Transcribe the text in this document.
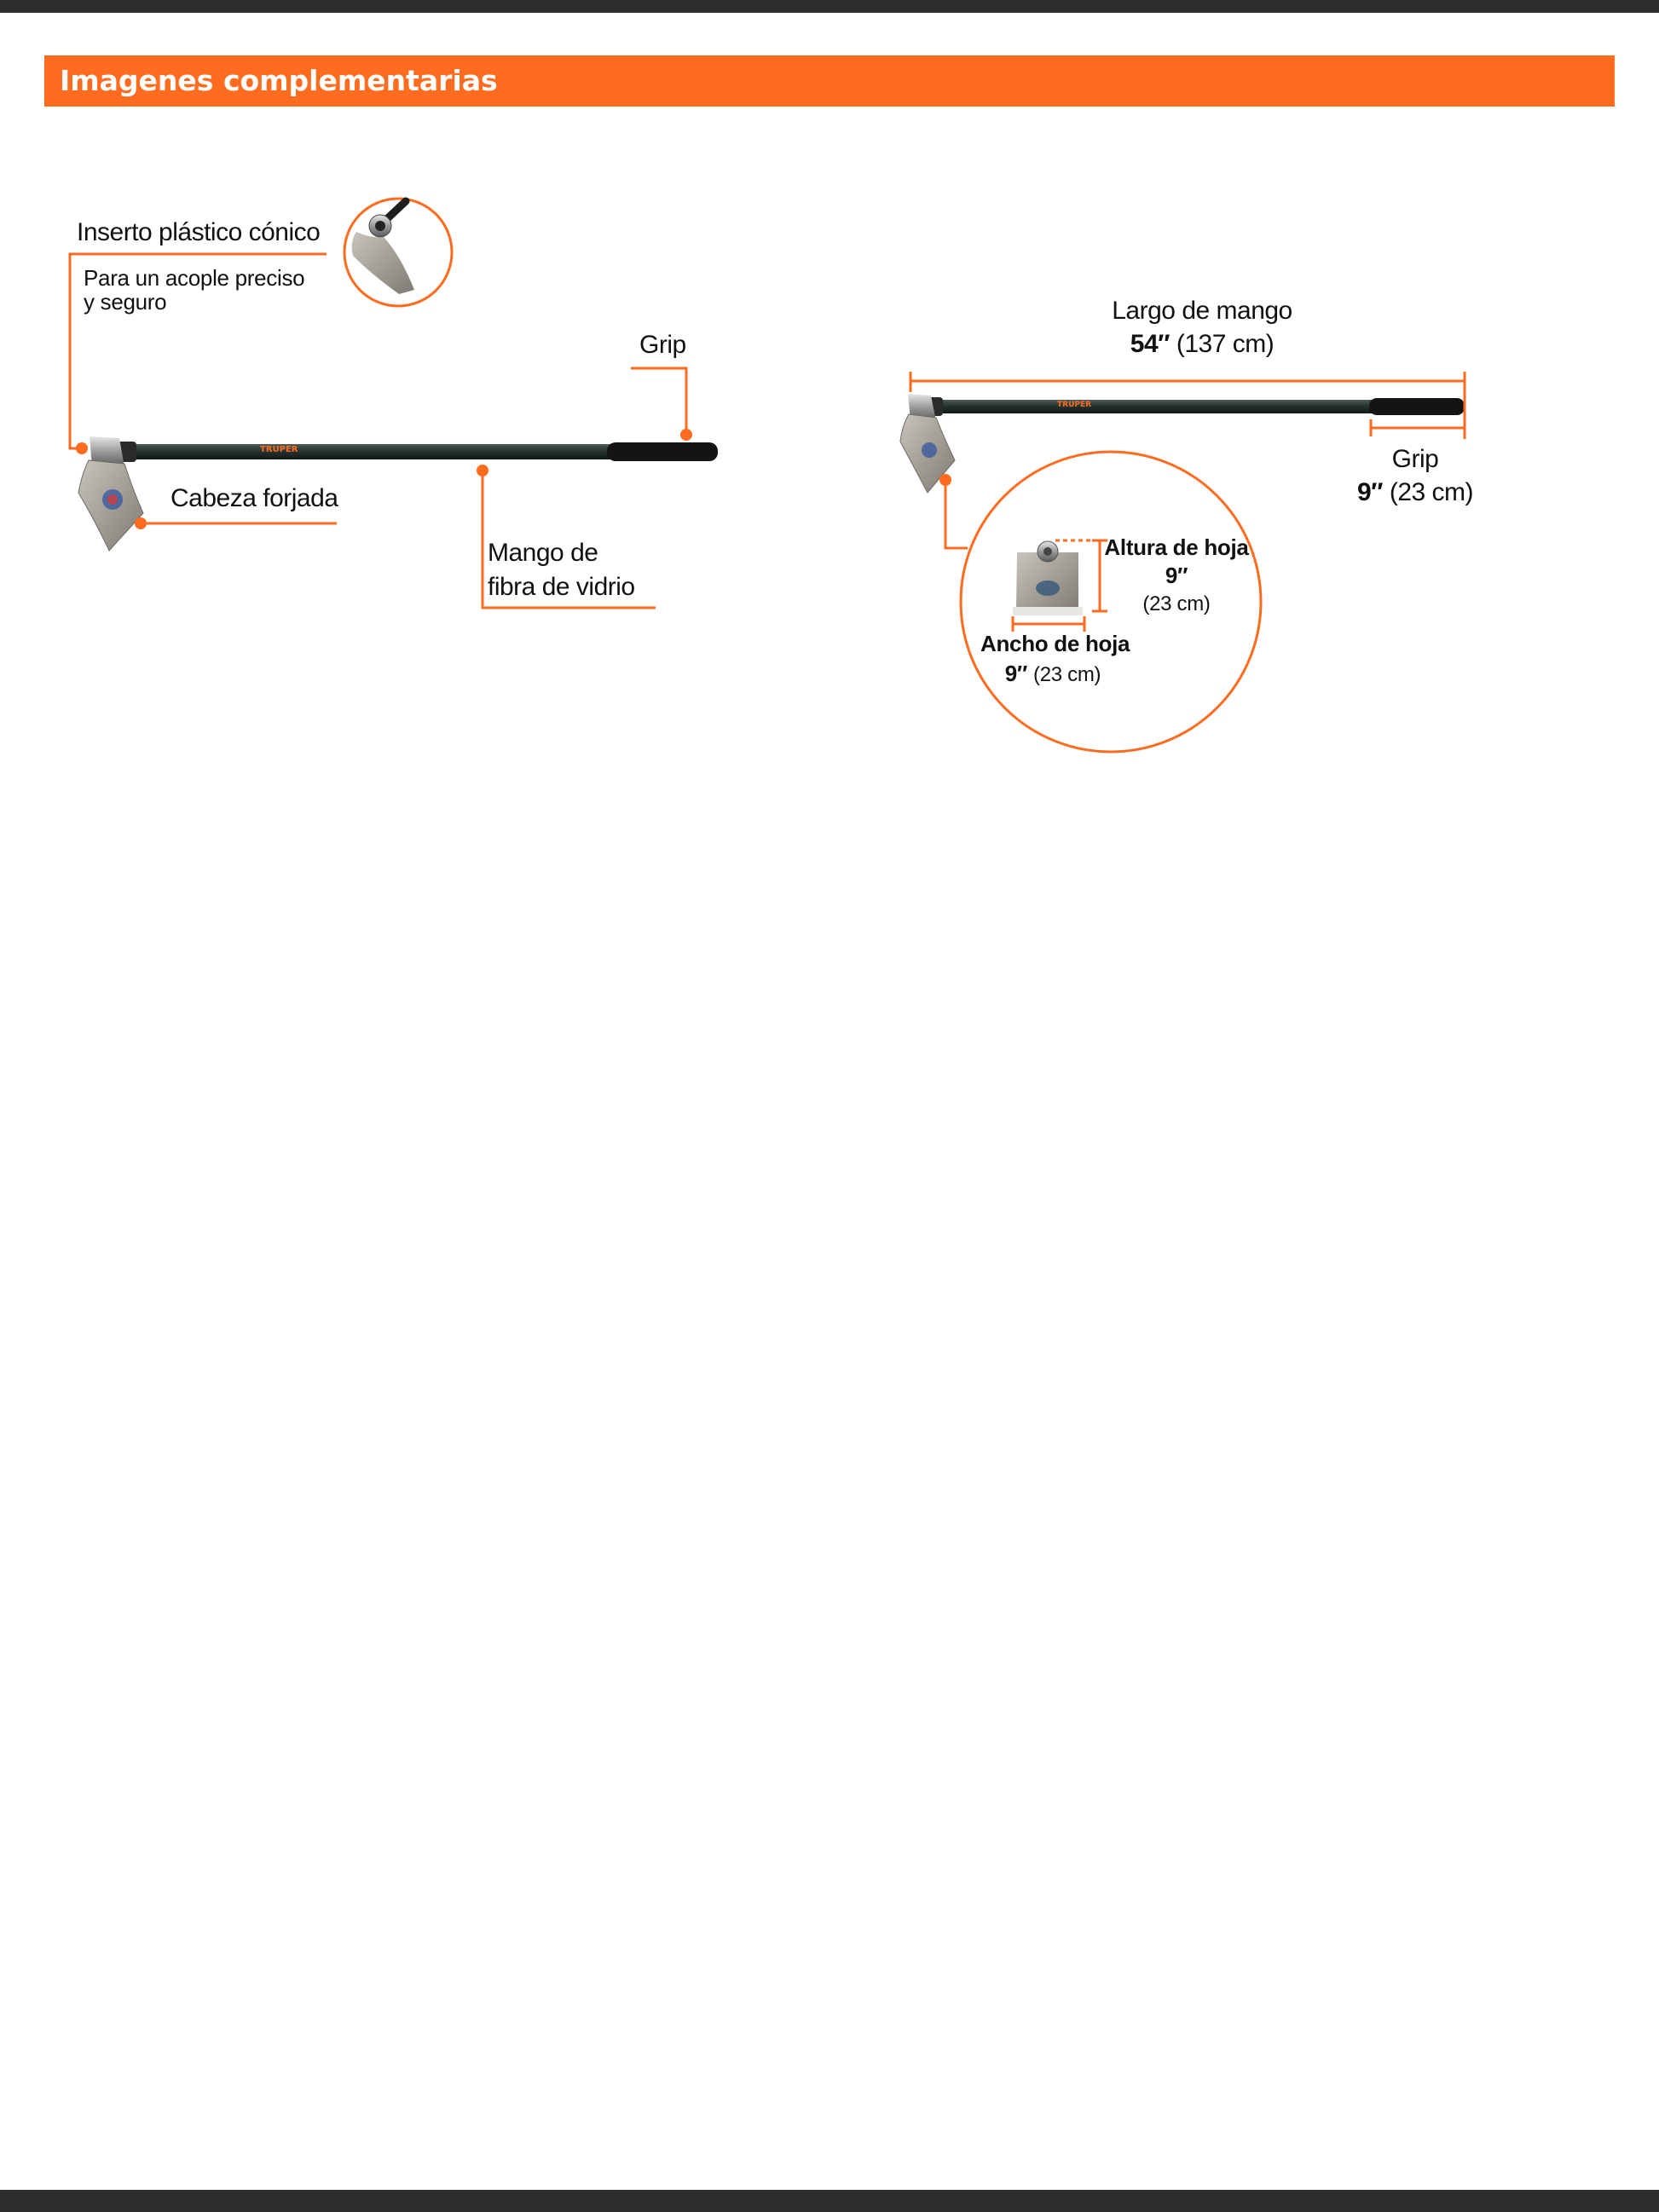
Imagenes complementarias
TRUPER
TRUPER
Inserto plástico cónico
Para un acople preciso
y seguro
Grip
Cabeza forjada
Mango de
fibra de vidrio
Largo de mango
54″ (137 cm)
Grip
9″ (23 cm)
Altura de hoja
9″
(23 cm)
Ancho de hoja
9″ (23 cm)
